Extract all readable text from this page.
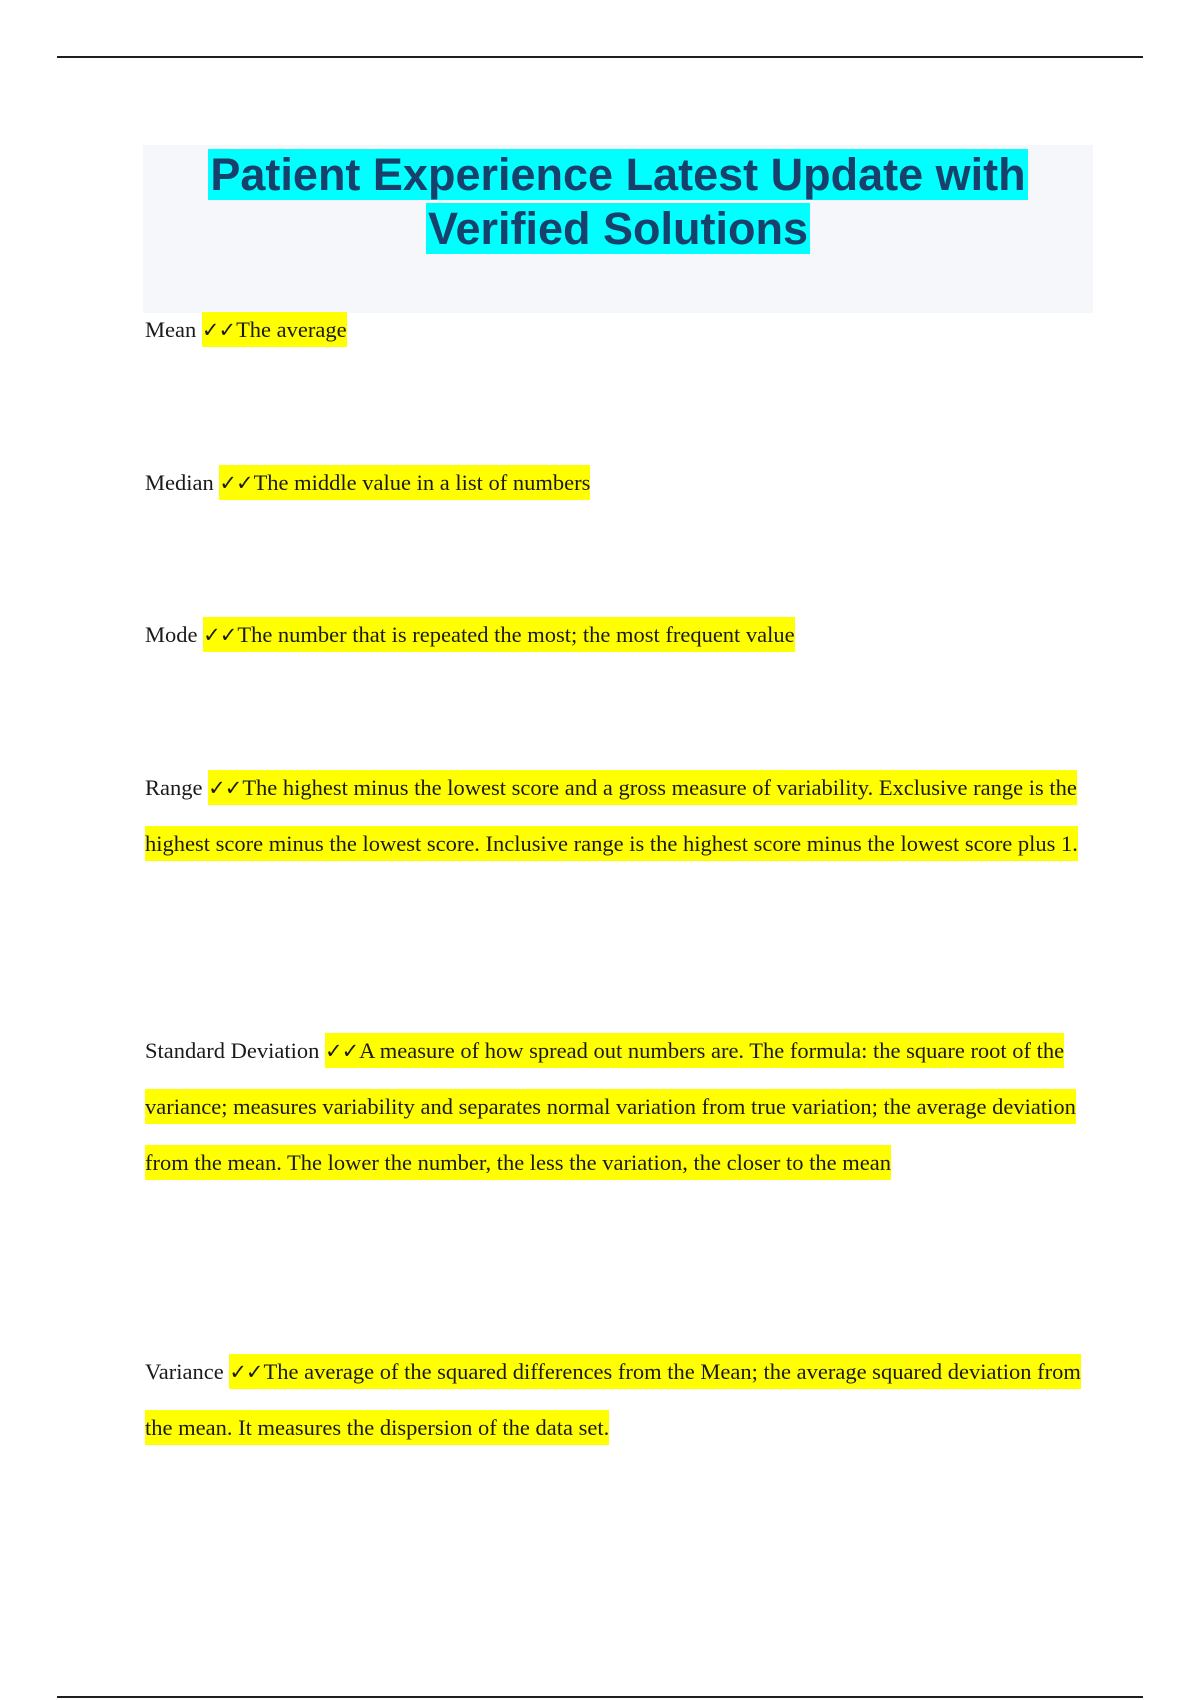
Patient Experience Latest Update with Verified Solutions

Mean ✓✓The average

Median ✓✓The middle value in a list of numbers

Mode ✓✓The number that is repeated the most; the most frequent value

Range ✓✓The highest minus the lowest score and a gross measure of variability. Exclusive range is the highest score minus the lowest score. Inclusive range is the highest score minus the lowest score plus 1.

Standard Deviation ✓✓A measure of how spread out numbers are. The formula: the square root of the variance; measures variability and separates normal variation from true variation; the average deviation from the mean. The lower the number, the less the variation, the closer to the mean

Variance ✓✓The average of the squared differences from the Mean; the average squared deviation from the mean. It measures the dispersion of the data set.
